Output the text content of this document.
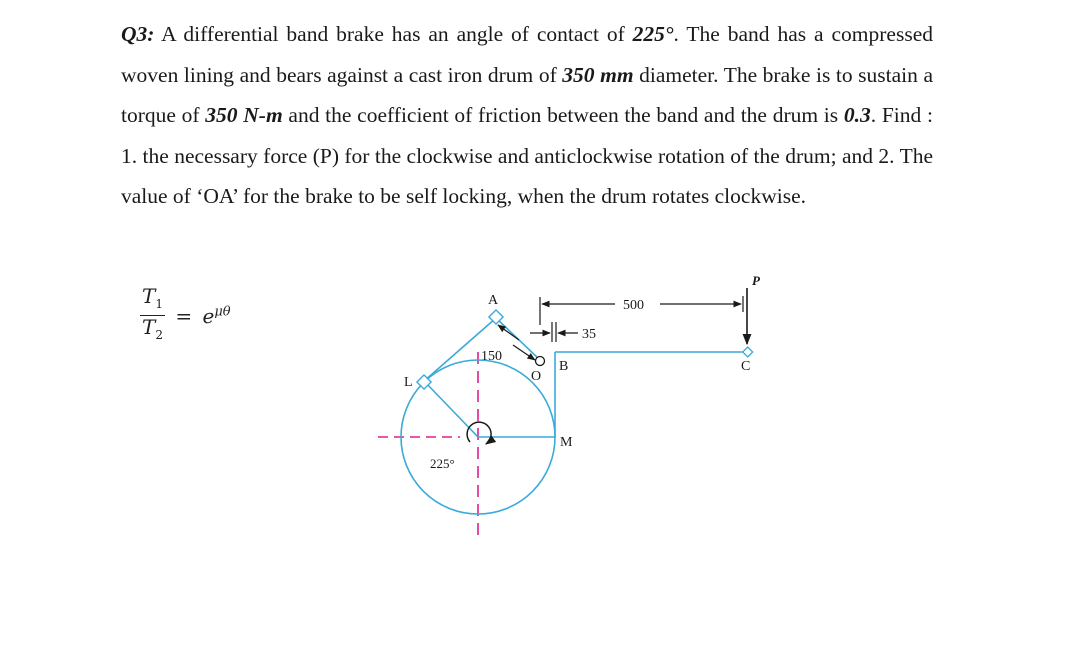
Q3: A differential band brake has an angle of contact of 225°. The band has a compressed woven lining and bears against a cast iron drum of 350 mm diameter. The brake is to sustain a torque of 350 N-m and the coefficient of friction between the band and the drum is 0.3. Find : 1. the necessary force (P) for the clockwise and anticlockwise rotation of the drum; and 2. The value of ‘OA’ for the brake to be self locking, when the drum rotates clockwise.
$\frac{T_1}{T_2} = e^{\mu\theta}$
A
L	O
B
M
C
P
500
35
150
225°
